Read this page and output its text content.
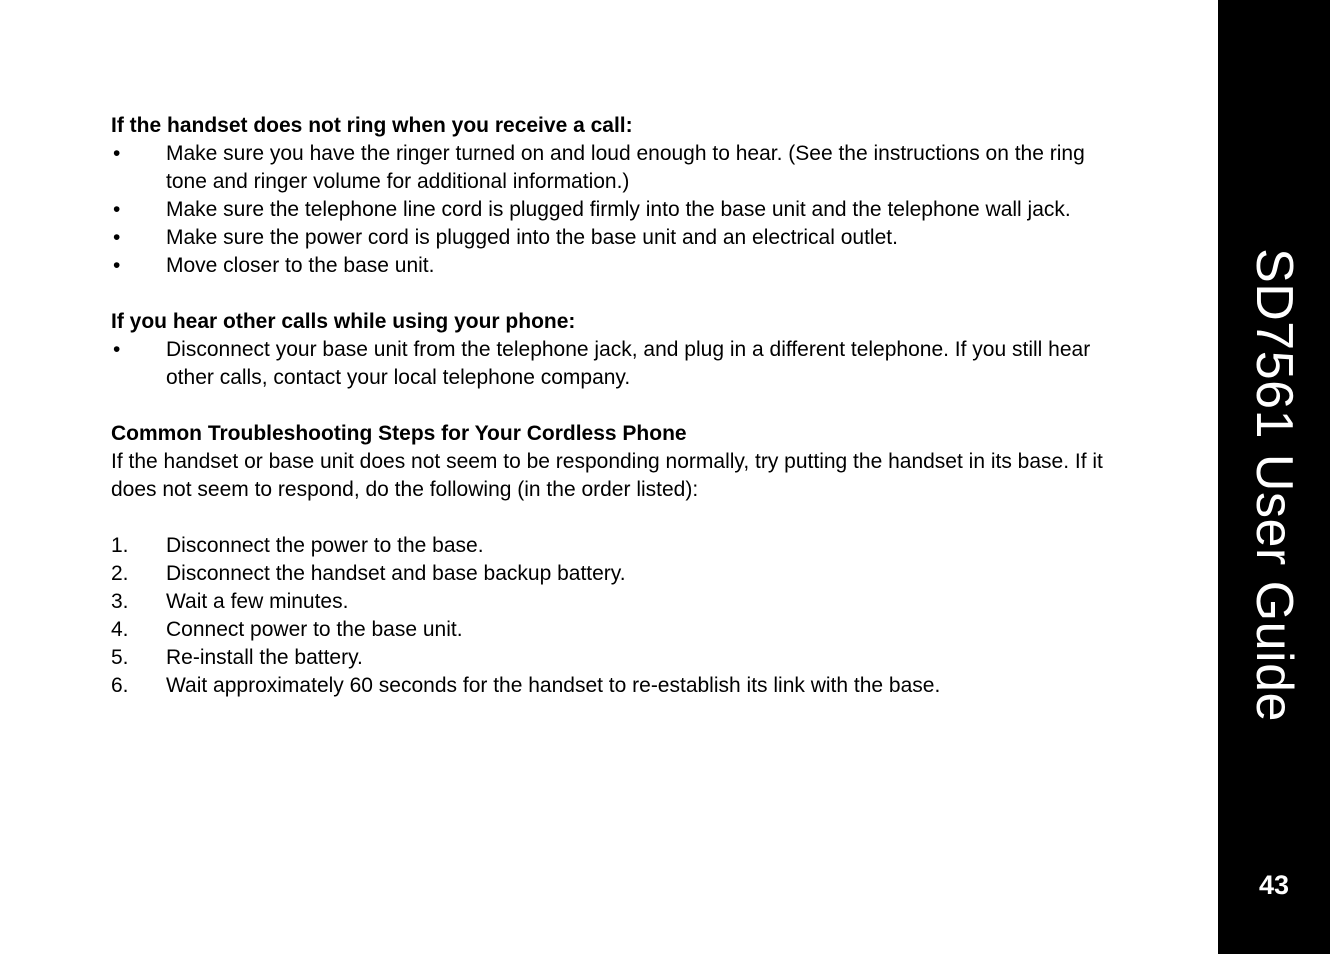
If the handset does not ring when you receive a call:

•	Make sure you have the ringer turned on and loud enough to hear. (See the instructions on the ring tone and ringer volume for additional information.)
•	Make sure the telephone line cord is plugged firmly into the base unit and the telephone wall jack.
•	Make sure the power cord is plugged into the base unit and an electrical outlet.
•	Move closer to the base unit.

If you hear other calls while using your phone:

•	Disconnect your base unit from the telephone jack, and plug in a different telephone. If you still hear other calls, contact your local telephone company.

Common Troubleshooting Steps for Your Cordless Phone

If the handset or base unit does not seem to be responding normally, try putting the handset in its base. If it does not seem to respond, do the following (in the order listed):

1.	Disconnect the power to the base.
2.	Disconnect the handset and base backup battery.
3.	Wait a few minutes.
4.	Connect power to the base unit.
5.	Re-install the battery.
6.	Wait approximately 60 seconds for the handset to re-establish its link with the base.	SD7561 User Guide
43
